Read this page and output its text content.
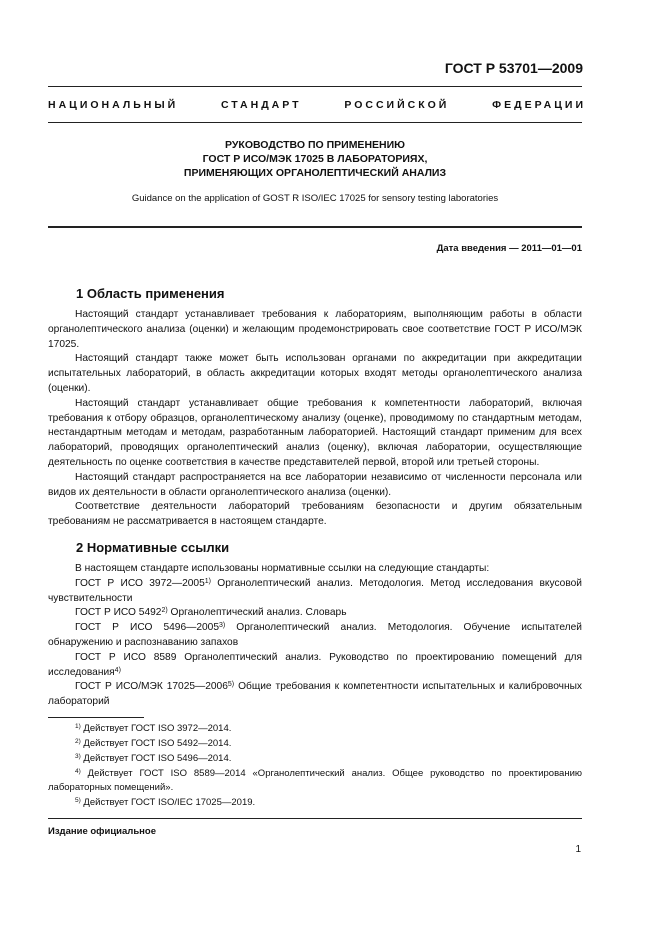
ГОСТ Р 53701—2009
НАЦИОНАЛЬНЫЙ СТАНДАРТ РОССИЙСКОЙ ФЕДЕРАЦИИ
РУКОВОДСТВО ПО ПРИМЕНЕНИЮ
ГОСТ Р ИСО/МЭК 17025 В ЛАБОРАТОРИЯХ,
ПРИМЕНЯЮЩИХ ОРГАНОЛЕПТИЧЕСКИЙ АНАЛИЗ
Guidance on the application of GOST R ISO/IEC 17025 for sensory testing laboratories
Дата введения — 2011—01—01
1 Область применения

Настоящий стандарт устанавливает требования к лабораториям, выполняющим работы в области органолептического анализа (оценки) и желающим продемонстрировать свое соответствие ГОСТ Р ИСО/МЭК 17025.

Настоящий стандарт также может быть использован органами по аккредитации при аккредитации испытательных лабораторий, в область аккредитации которых входят методы органолептического анализа (оценки).

Настоящий стандарт устанавливает общие требования к компетентности лабораторий, включая требования к отбору образцов, органолептическому анализу (оценке), проводимому по стандартным методам, нестандартным методам и методам, разработанным лабораторией. Настоящий стандарт применим для всех лабораторий, проводящих органолептический анализ (оценку), включая лаборатории, осуществляющие деятельность по оценке соответствия в качестве представителей первой, второй или третьей стороны.

Настоящий стандарт распространяется на все лаборатории независимо от численности персонала или видов их деятельности в области органолептического анализа (оценки).

Соответствие деятельности лабораторий требованиям безопасности и другим обязательным требованиям не рассматривается в настоящем стандарте.

2 Нормативные ссылки

В настоящем стандарте использованы нормативные ссылки на следующие стандарты:

ГОСТ Р ИСО 3972—2005$^{1)}$ Органолептический анализ. Методология. Метод исследования вкусовой чувствительности

ГОСТ Р ИСО 5492$^{2)}$ Органолептический анализ. Словарь

ГОСТ Р ИСО 5496—2005$^{3)}$ Органолептический анализ. Методология. Обучение испытателей обнаружению и распознаванию запахов

ГОСТ Р ИСО 8589 Органолептический анализ. Руководство по проектированию помещений для исследования$^{4)}$

ГОСТ Р ИСО/МЭК 17025—2006$^{5)}$ Общие требования к компетентности испытательных и калибровочных лабораторий

$^{1)}$ Действует ГОСТ ISO 3972—2014.

$^{2)}$ Действует ГОСТ ISO 5492—2014.

$^{3)}$ Действует ГОСТ ISO 5496—2014.

$^{4)}$ Действует ГОСТ ISO 8589—2014 «Органолептический анализ. Общее руководство по проектированию лабораторных помещений».

$^{5)}$ Действует ГОСТ ISO/IEC 17025—2019.

Издание официальное
1
